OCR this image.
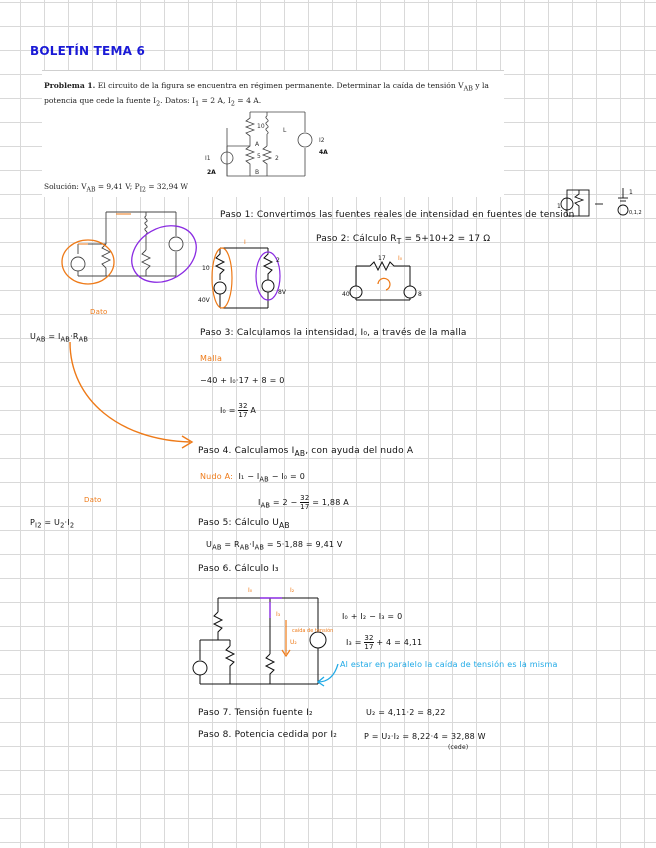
BOLETÍN TEMA 6
Problema 1. El circuito de la figura se encuentra en régimen permanente. Determinar la caída de tensión $V_{AB}$ y la potencia que cede la fuente $I_2$. Datos: $I_1 = 2$ A, $I_2 = 4$ A.
10
L
A
B
5 2
I1
I2
2A
4A
Solución: $V_{AB} = 9,41$ V; $P_{I2} = 32,94$ W
1
1
0,1,2
$U_{AB} = I_{AB}\cdot R_{AB}$
Dato
$P_{I2} = U_2\cdot I_2$
Dato
Paso 1: Convertimos las fuentes reales de intensidad en fuentes de tensión
10
2
40V
8V
I	Paso 2: Cálculo $R_T = 5+10+2 = 17$ Ω
40	8
17 I₀
Paso 3: Calculamos la intensidad, I₀, a través de la malla
Malla
−40 + I₀·17 + 8 = 0
$I_0 = \frac{32}{17}$ A
Paso 4. Calculamos $I_{AB}$, con ayuda del nudo A
Nudo A: $I_1 - I_{AB} - I_0 = 0$
$I_{AB} = 2 - \frac{32}{17} = 1,88$ A
Paso 5: Cálculo $U_{AB}$
$U_{AB} = R_{AB}\cdot I_{AB} = 5\cdot 1,88 = 9,41$ V
Paso 6. Cálculo I₃
I₀	I₂
I₃
caída de tensión
U₂
I₀ + I₂ − I₃ = 0
$I_3 = \frac{32}{17} + 4 = 4,11$
Al estar en paralelo la caída de tensión es la misma
Paso 7. Tensión fuente I₂	U₂ = 4,11·2 = 8,22
Paso 8. Potencia cedida por I₂	P = U₂·I₂ = 8,22·4 = 32,88 W
(cede)
